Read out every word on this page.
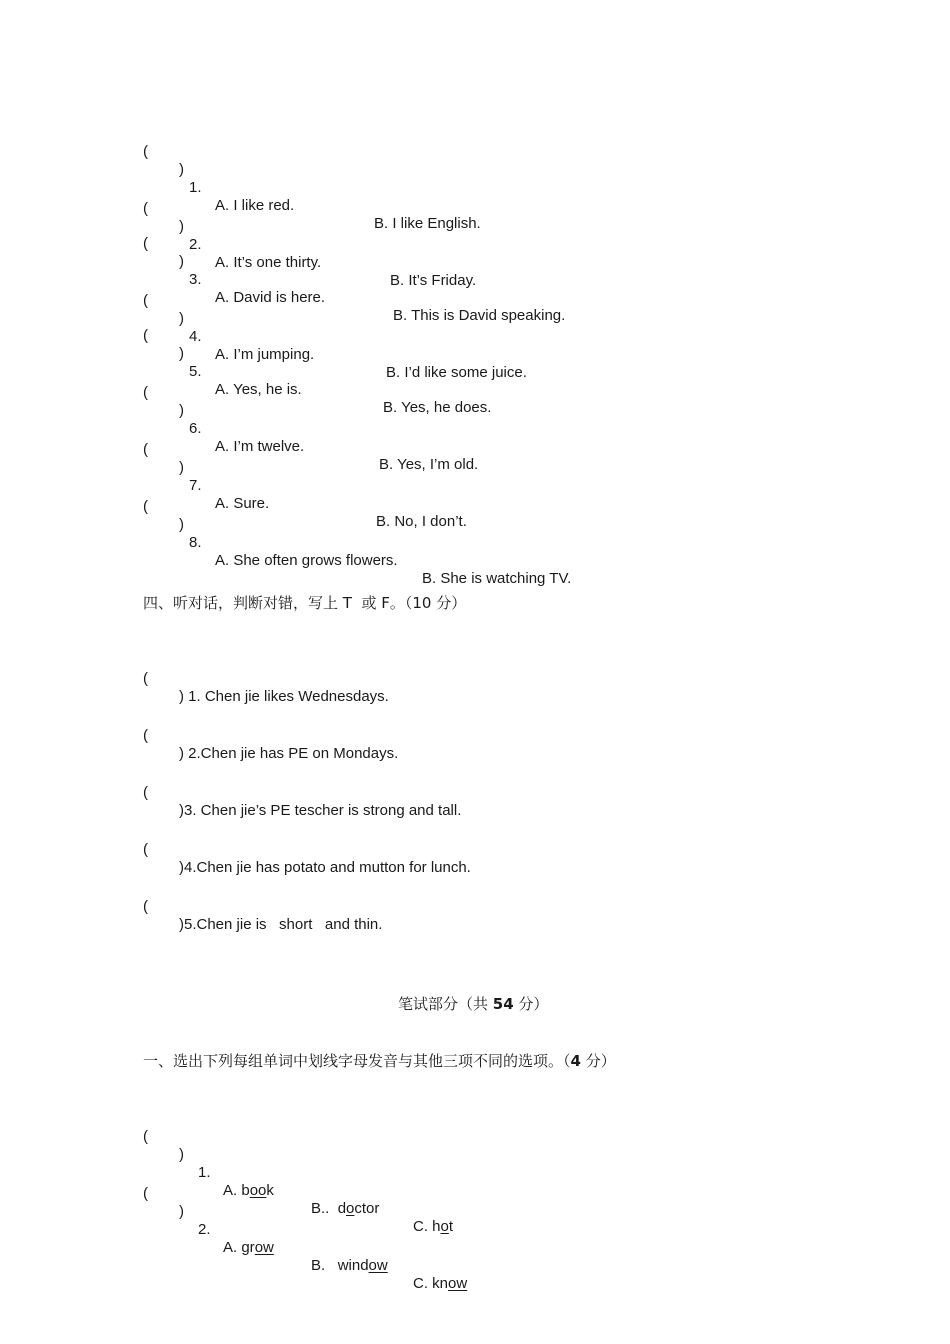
(

)

1.

A. I like red.

B. I like English.

(

)

2.

A. It’s one thirty.

B. It’s Friday.

(

)

3.

A. David is here.

B. This is David speaking.

(

)

4.

A. I’m jumping.

B. I’d like some juice.

(

)

5.

A. Yes, he is.

B. Yes, he does.

(

)

6.

A. I’m twelve.

B. Yes, I’m old.

(

)

7.

A. Sure.

B. No, I don’t.

(

)

8.

A. She often grows flowers.

B. She is watching TV.

四、听对话，判断对错，写上 T  或 F。（10 分）

(

) 1. Chen jie likes Wednesdays.

(

) 2.Chen jie has PE on Mondays.

(

)3. Chen jie’s PE tescher is strong and tall.

(

)4.Chen jie has potato and mutton for lunch.

(

)5.Chen jie is   short   and thin.

笔试部分（共 54 分）
一、选出下列每组单词中划线字母发音与其他三项不同的选项。（4 分）

(

)

1.

A. book

B..  doctor

C. hot

(

)

2.

A. grow

B.   window

C. know
